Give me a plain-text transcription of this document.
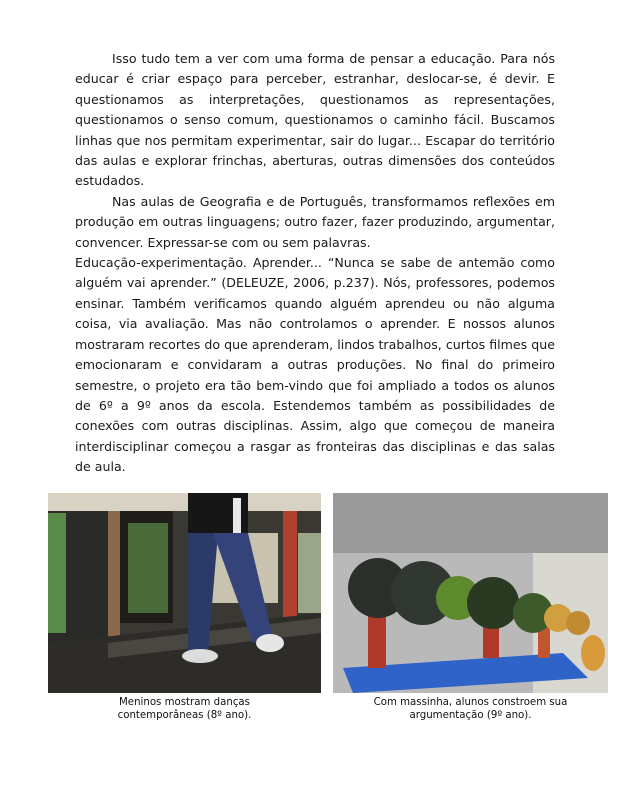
Isso tudo tem a ver com uma forma de pensar a educação. Para nós educar é criar espaço para perceber, estranhar, deslocar-se, é devir. E questionamos as interpretações, questionamos as representações, questionamos o senso comum, questionamos o caminho fácil. Buscamos linhas que nos permitam experimentar, sair do lugar... Escapar do território das aulas e explorar frinchas, aberturas, outras dimensões dos conteúdos estudados.

Nas aulas de Geografia e de Português, transformamos reflexões em produção em outras linguagens; outro fazer, fazer produzindo, argumentar, convencer. Expressar-se com ou sem palavras.

Educação-experimentação. Aprender... “Nunca se sabe de antemão como alguém vai aprender.” (DELEUZE, 2006, p.237). Nós, professores, podemos ensinar. Também verificamos quando alguém aprendeu ou não alguma coisa, via avaliação. Mas não controlamos o aprender. E nossos alunos mostraram recortes do que aprenderam, lindos trabalhos, curtos filmes que emocionaram e convidaram a outras produções. No final do primeiro semestre, o projeto era tão bem-vindo que foi ampliado a todos os alunos de 6º a 9º anos da escola. Estendemos também as possibilidades de conexões com outras disciplinas. Assim, algo que começou de maneira interdisciplinar começou a rasgar as fronteiras das disciplinas e das salas de aula.

Meninos mostram danças
contemporâneas (8º ano).
Com massinha, alunos constroem sua
argumentação (9º ano).
